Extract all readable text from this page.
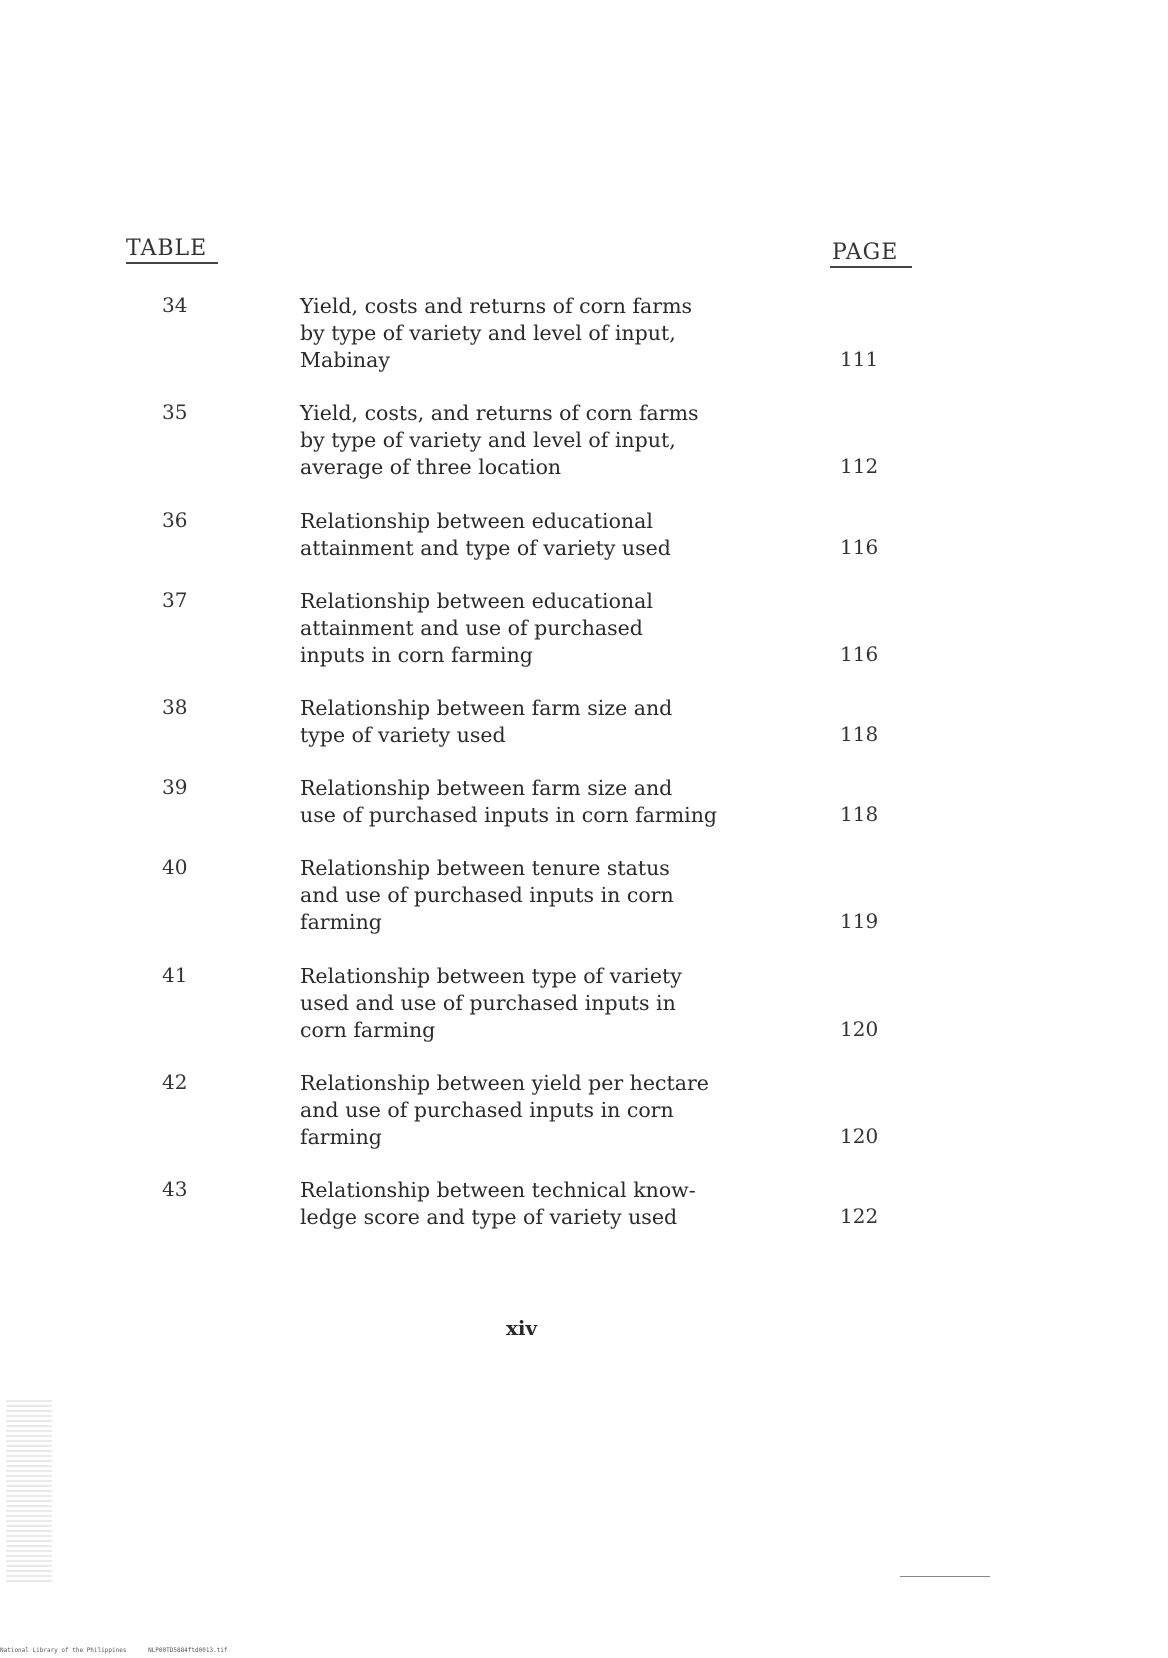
TABLE	PAGE
34	Yield, costs and returns of corn farms
by type of variety and level of input,
Mabinay	111
35	Yield, costs, and returns of corn farms
by type of variety and level of input,
average of three location	112
36	Relationship between educational
attainment and type of variety used	116
37	Relationship between educational
attainment and use of purchased
inputs in corn farming	116
38	Relationship between farm size and
type of variety used	118
39	Relationship between farm size and
use of purchased inputs in corn farming	118
40	Relationship between tenure status
and use of purchased inputs in corn
farming	119
41	Relationship between type of variety
used and use of purchased inputs in
corn farming	120
42	Relationship between yield per hectare
and use of purchased inputs in corn
farming	120
43	Relationship between technical know-
ledge score and type of variety used	122
xiv
National Library of the Philippines	NLP00TD5884ftd0013.tif
